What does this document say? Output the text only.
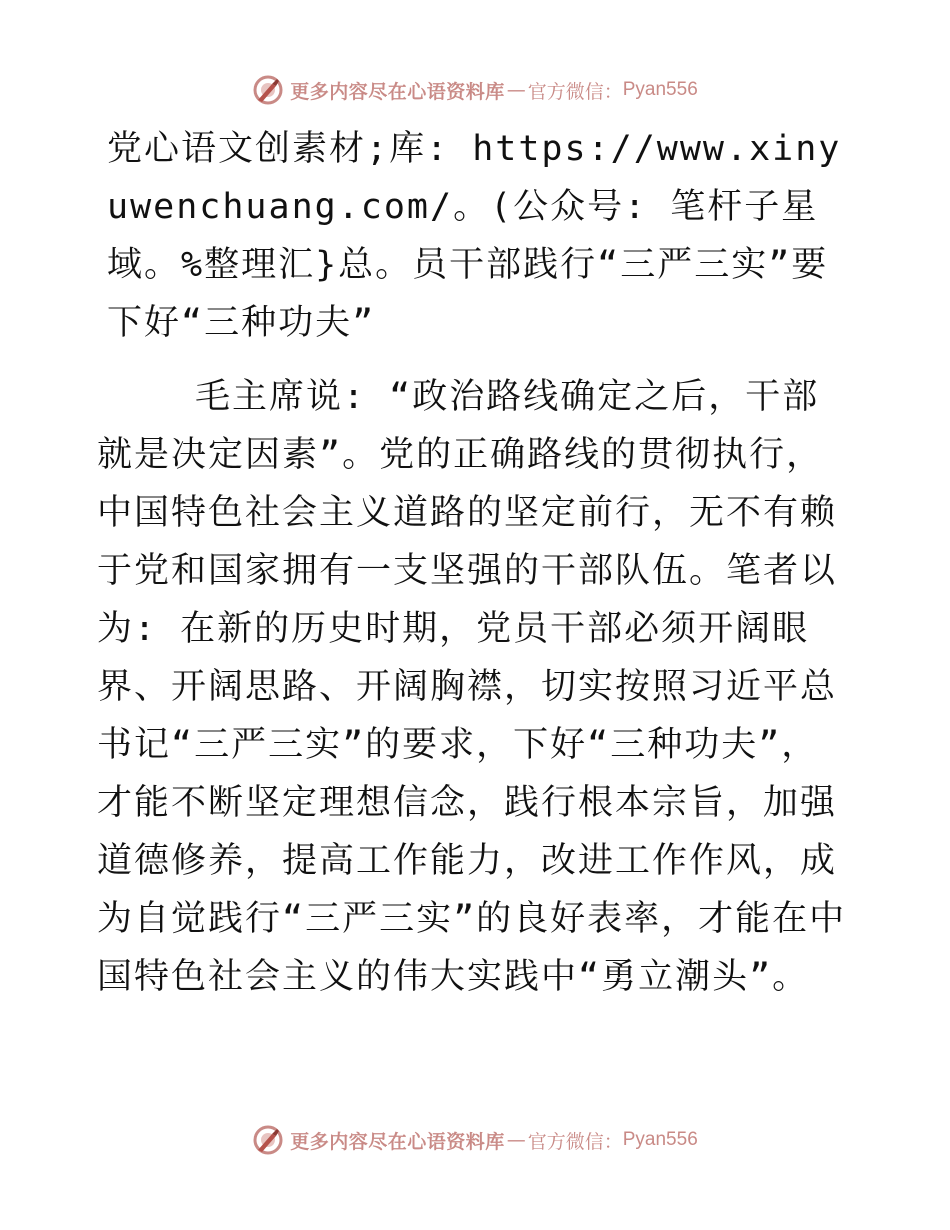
更多内容尽在心语资料库 — 官方微信： Pyan556

党心语文创素材;库: https://www.xinyuwenchuang.com/。(公众号: 笔杆子星域。%整理汇}总。员干部践行“三严三实”要下好“三种功夫”

毛主席说: “政治路线确定之后，干部就是决定因素”。党的正确路线的贯彻执行，中国特色社会主义道路的坚定前行，无不有赖于党和国家拥有一支坚强的干部队伍。笔者以为: 在新的历史时期，党员干部必须开阔眼界、开阔思路、开阔胸襟，切实按照习近平总书记“三严三实”的要求，下好“三种功夫”，才能不断坚定理想信念，践行根本宗旨，加强道德修养，提高工作能力，改进工作作风，成为自觉践行“三严三实”的良好表率，才能在中国特色社会主义的伟大实践中“勇立潮头”。

更多内容尽在心语资料库 — 官方微信： Pyan556
